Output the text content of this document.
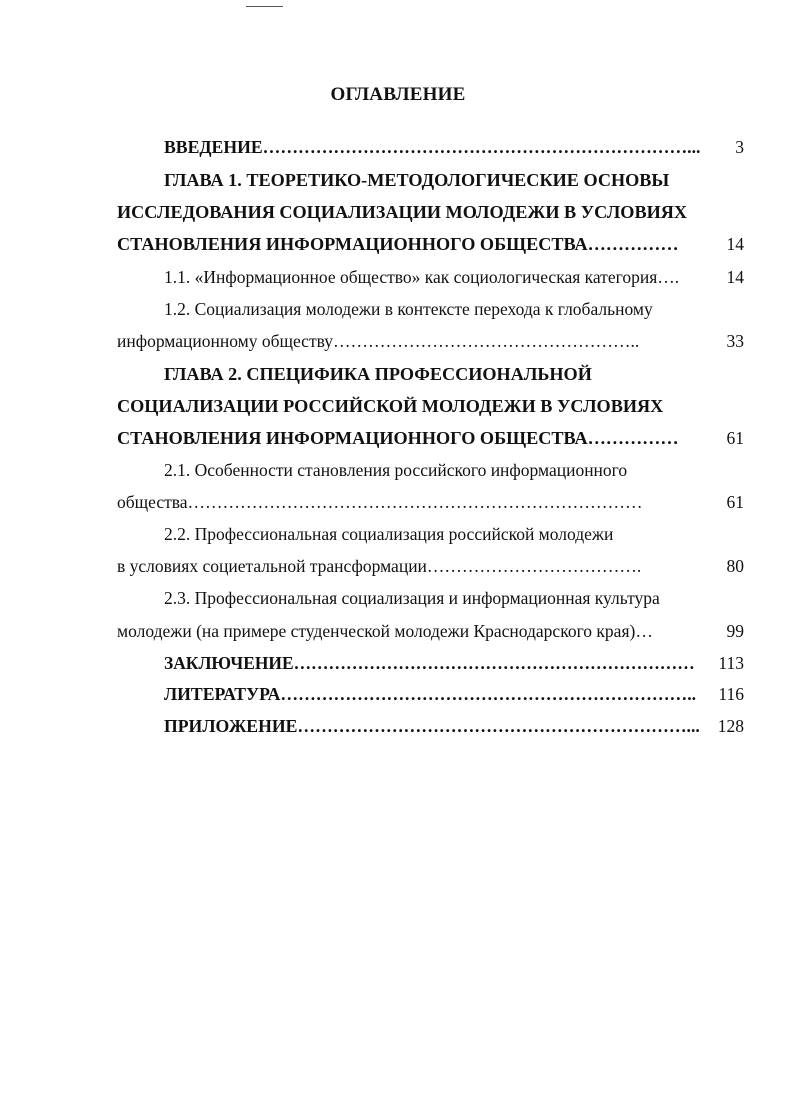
ОГЛАВЛЕНИЕ
ВВЕДЕНИЕ………………………………………………………………... 3
ГЛАВА 1. ТЕОРЕТИКО-МЕТОДОЛОГИЧЕСКИЕ ОСНОВЫ
ИССЛЕДОВАНИЯ СОЦИАЛИЗАЦИИ МОЛОДЕЖИ В УСЛОВИЯХ
СТАНОВЛЕНИЯ ИНФОРМАЦИОННОГО ОБЩЕСТВА……………	14
1.1. «Информационное общество» как социологическая категория….	14
1.2. Социализация молодежи в контексте перехода к глобальному
информационному обществу……………………………………………..	33
ГЛАВА 2. СПЕЦИФИКА ПРОФЕССИОНАЛЬНОЙ
СОЦИАЛИЗАЦИИ РОССИЙСКОЙ МОЛОДЕЖИ В УСЛОВИЯХ
СТАНОВЛЕНИЯ ИНФОРМАЦИОННОГО ОБЩЕСТВА……………	61
2.1. Особенности становления российского информационного
общества……………………………………………………………………	61
2.2. Профессиональная социализация российской молодежи
в условиях социетальной трансформации……………………………….	80
2.3. Профессиональная социализация и информационная культура
молодежи (на примере студенческой молодежи Краснодарского края)…	99
ЗАКЛЮЧЕНИЕ…………………………………………………………… 113
ЛИТЕРАТУРА…………………………………………………………….. 116
ПРИЛОЖЕНИЕ…………………………………………………………... 128
